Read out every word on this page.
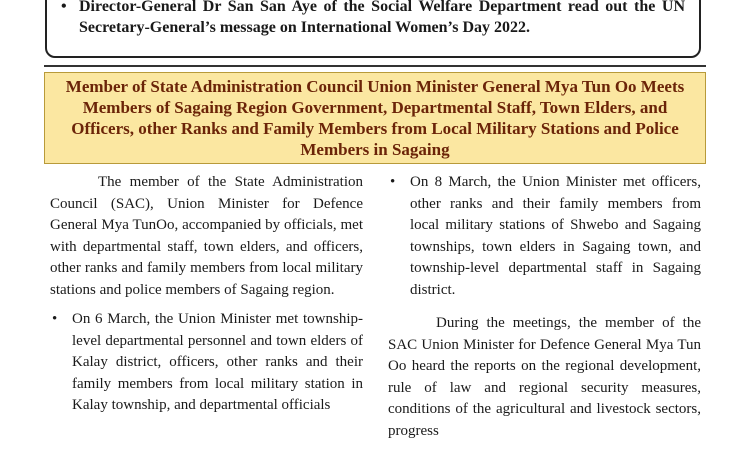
• Director-General Dr San San Aye of the Social Welfare Department read out the UN Secretary-General’s message on International Women’s Day 2022.
Member of State Administration Council Union Minister General Mya Tun Oo Meets Members of Sagaing Region Government, Departmental Staff, Town Elders, and Officers, other Ranks and Family Members from Local Military Stations and Police Members in Sagaing

The member of the State Administration Council (SAC), Union Minister for Defence General Mya TunOo, accompanied by officials, met with departmental staff, town elders, and officers, other ranks and family members from local military stations and police members of Sagaing region.

• On 6 March, the Union Minister met township-level departmental personnel and town elders of Kalay district, officers, other ranks and their family members from local military station in Kalay township, and departmental officials

• On 8 March, the Union Minister met officers, other ranks and their family members from local military stations of Shwebo and Sagaing townships, town elders in Sagaing town, and township-level departmental staff in Sagaing district.

During the meetings, the member of the SAC Union Minister for Defence General Mya Tun Oo heard the reports on the regional development, rule of law and regional security measures, conditions of the agricultural and livestock sectors, progress
